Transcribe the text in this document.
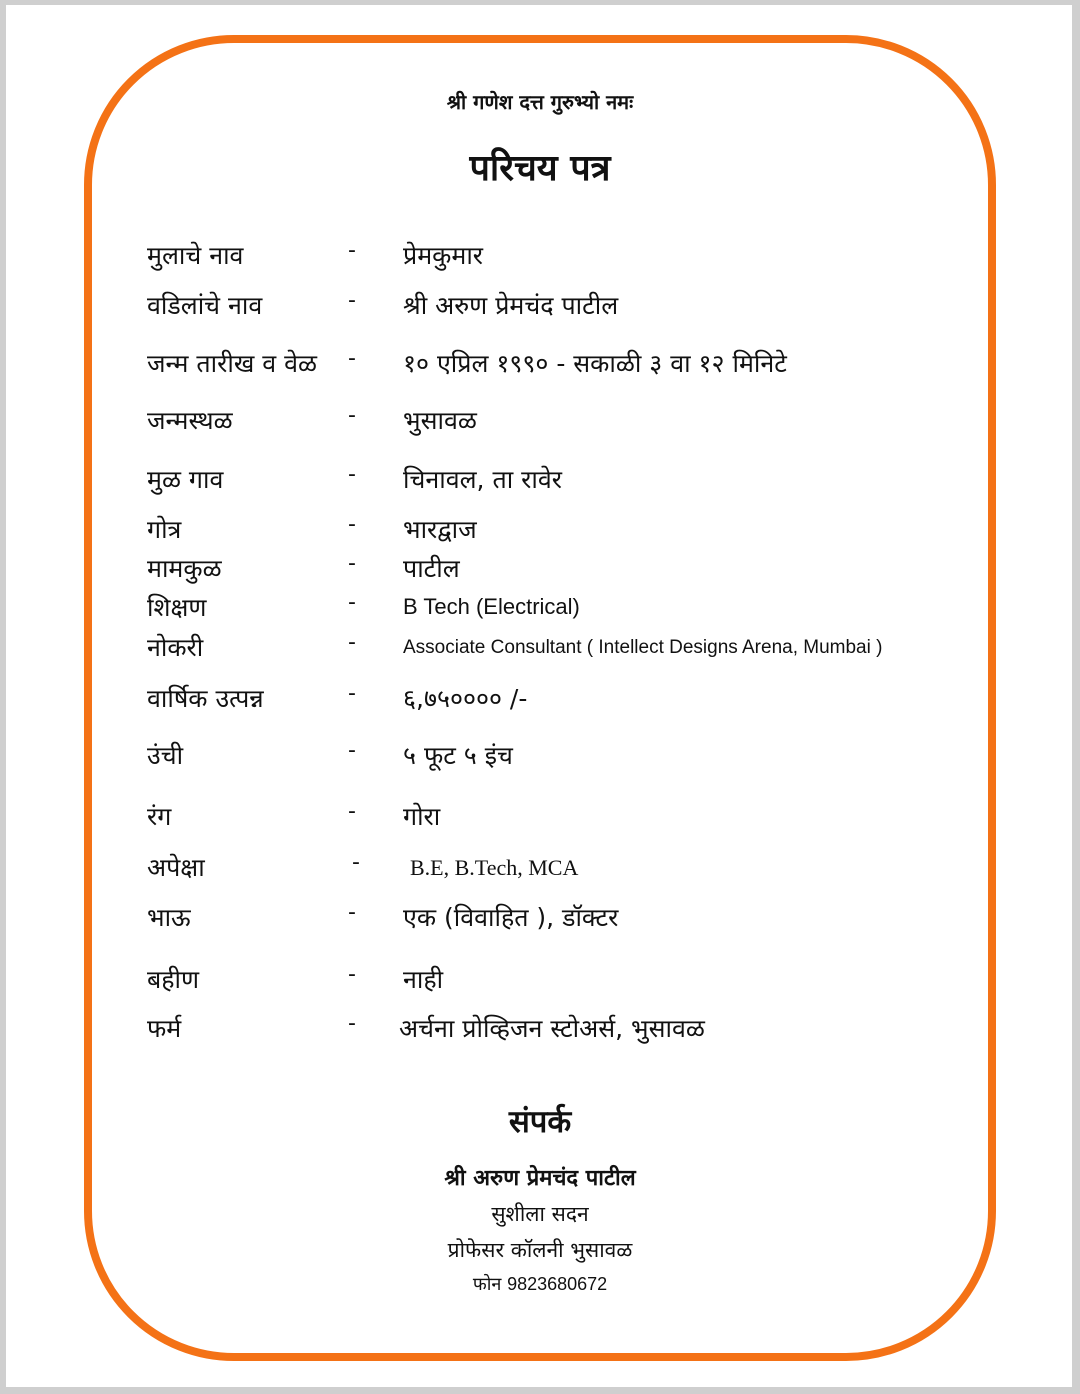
श्री गणेश दत्त गुरुभ्यो नमः
परिचय पत्र
मुलाचे नाव	- प्रेमकुमार
वडिलांचे नाव	- श्री अरुण प्रेमचंद पाटील
जन्म तारीख व वेळ - १० एप्रिल १९९० - सकाळी ३ वा १२ मिनिटे
जन्मस्थळ	- भुसावळ
मुळ गाव	- चिनावल, ता रावेर
गोत्र	- भारद्वाज
मामकुळ	- पाटील
शिक्षण	- B Tech (Electrical)
नोकरी	- Associate Consultant ( Intellect Designs Arena, Mumbai )
वार्षिक उत्पन्न	- ६,७५०००० /-
उंची	- ५ फूट ५ इंच
रंग	- गोरा
अपेक्षा	- B.E, B.Tech, MCA
भाऊ	- एक (विवाहित ), डॉक्टर
बहीण	- नाही
फर्म	- अर्चना प्रोव्हिजन स्टोअर्स, भुसावळ
संपर्क
श्री अरुण प्रेमचंद पाटील
सुशीला सदन
प्रोफेसर कॉलनी भुसावळ
फोन 9823680672
